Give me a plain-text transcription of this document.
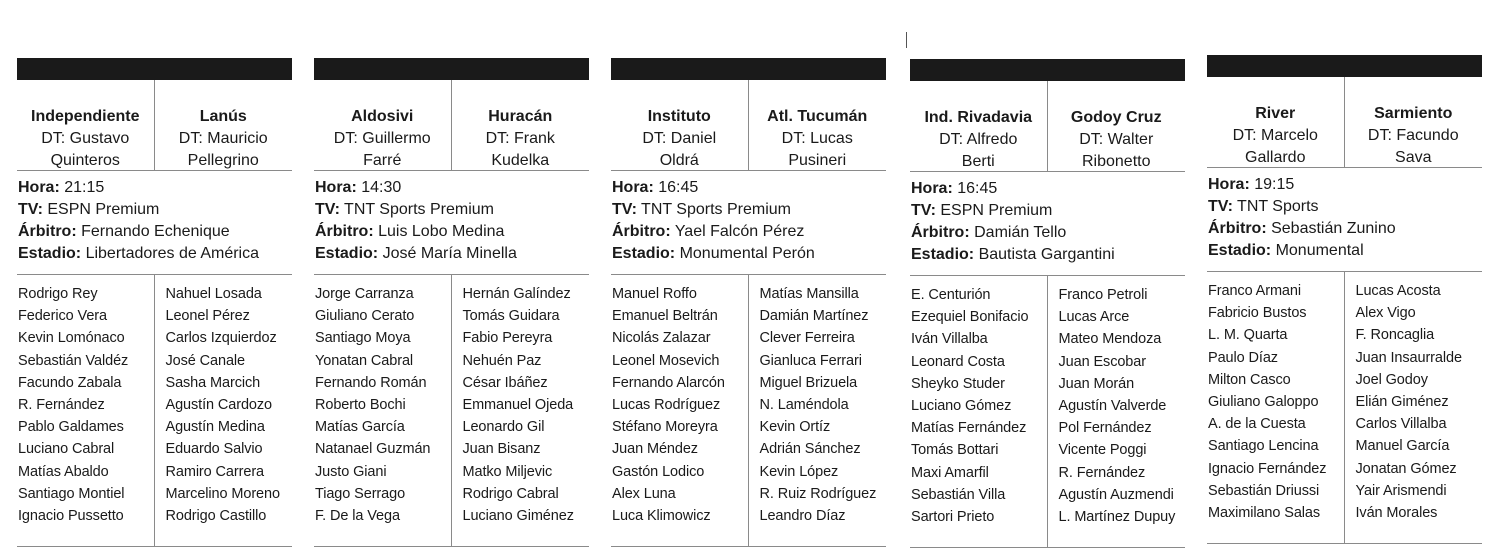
Independiente
DT: Gustavo
Quinteros
Lanús
DT: Mauricio
Pellegrino
Hora: 21:15
TV: ESPN Premium
Árbitro: Fernando Echenique
Estadio: Libertadores de América
Rodrigo Rey
Federico Vera
Kevin Lomónaco
Sebastián Valdéz
Facundo Zabala
R. Fernández
Pablo Galdames
Luciano Cabral
Matías Abaldo
Santiago Montiel
Ignacio Pussetto
Nahuel Losada
Leonel Pérez
Carlos Izquierdoz
José Canale
Sasha Marcich
Agustín Cardozo
Agustín Medina
Eduardo Salvio
Ramiro Carrera
Marcelino Moreno
Rodrigo Castillo
Aldosivi
DT: Guillermo
Farré
Huracán
DT: Frank
Kudelka
Hora: 14:30
TV: TNT Sports Premium
Árbitro: Luis Lobo Medina
Estadio: José María Minella
Jorge Carranza
Giuliano Cerato
Santiago Moya
Yonatan Cabral
Fernando Román
Roberto Bochi
Matías García
Natanael Guzmán
Justo Giani
Tiago Serrago
F. De la Vega
Hernán Galíndez
Tomás Guidara
Fabio Pereyra
Nehuén Paz
César Ibáñez
Emmanuel Ojeda
Leonardo Gil
Juan Bisanz
Matko Miljevic
Rodrigo Cabral
Luciano Giménez
Instituto
DT: Daniel
Oldrá
Atl. Tucumán
DT: Lucas
Pusineri
Hora: 16:45
TV: TNT Sports Premium
Árbitro: Yael Falcón Pérez
Estadio: Monumental Perón
Manuel Roffo
Emanuel Beltrán
Nicolás Zalazar
Leonel Mosevich
Fernando Alarcón
Lucas Rodríguez
Stéfano Moreyra
Juan Méndez
Gastón Lodico
Alex Luna
Luca Klimowicz
Matías Mansilla
Damián Martínez
Clever Ferreira
Gianluca Ferrari
Miguel Brizuela
N. Laméndola
Kevin Ortíz
Adrián Sánchez
Kevin López
R. Ruiz Rodríguez
Leandro Díaz
Ind. Rivadavia
DT: Alfredo
Berti
Godoy Cruz
DT: Walter
Ribonetto
Hora: 16:45
TV: ESPN Premium
Árbitro: Damián Tello
Estadio: Bautista Gargantini
E. Centurión
Ezequiel Bonifacio
Iván Villalba
Leonard Costa
Sheyko Studer
Luciano Gómez
Matías Fernández
Tomás Bottari
Maxi Amarfil
Sebastián Villa
Sartori Prieto
Franco Petroli
Lucas Arce
Mateo Mendoza
Juan Escobar
Juan Morán
Agustín Valverde
Pol Fernández
Vicente Poggi
R. Fernández
Agustín Auzmendi
L. Martínez Dupuy
River
DT: Marcelo
Gallardo
Sarmiento
DT: Facundo
Sava
Hora: 19:15
TV: TNT Sports
Árbitro: Sebastián Zunino
Estadio: Monumental
Franco Armani
Fabricio Bustos
L. M. Quarta
Paulo Díaz
Milton Casco
Giuliano Galoppo
A. de la Cuesta
Santiago Lencina
Ignacio Fernández
Sebastián Driussi
Maximilano Salas
Lucas Acosta
Alex Vigo
F. Roncaglia
Juan Insaurralde
Joel Godoy
Elián Giménez
Carlos Villalba
Manuel García
Jonatan Gómez
Yair Arismendi
Iván Morales
